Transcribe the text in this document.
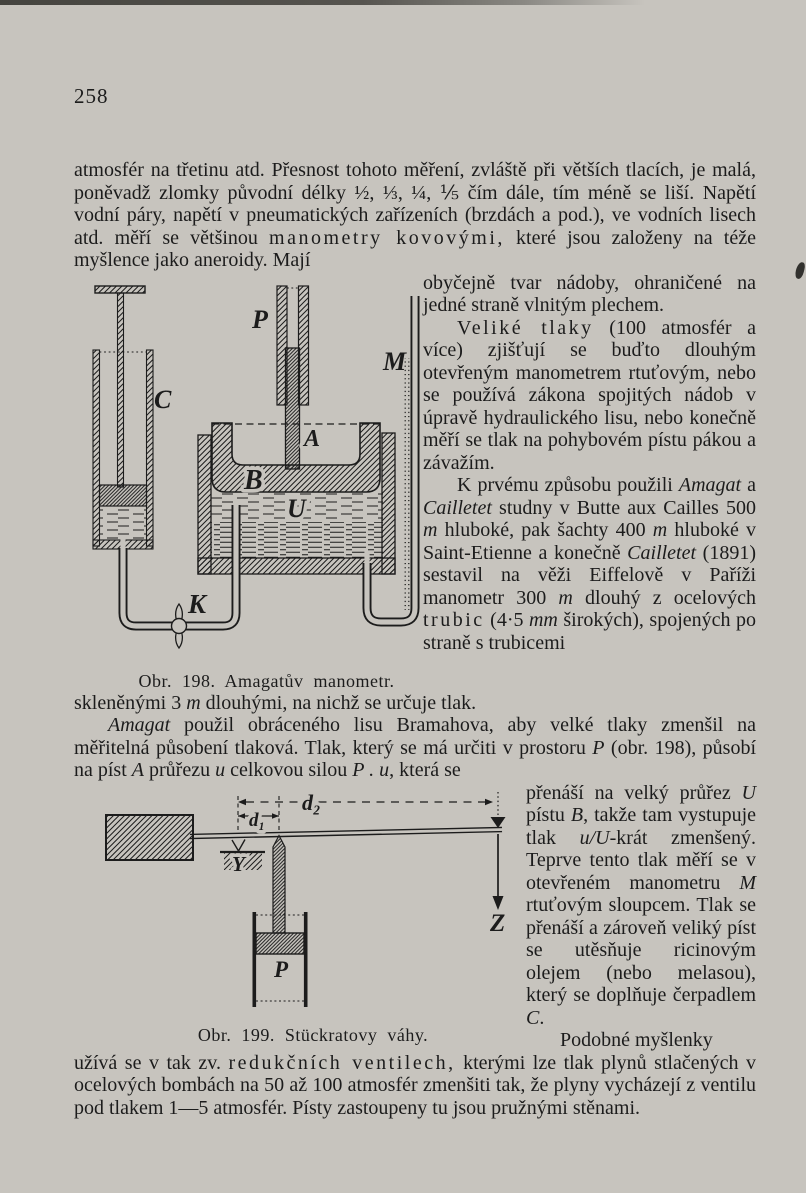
258

atmosfér na třetinu atd. Přesnost tohoto měření, zvláště při větších tlacích, je malá, poněvadž zlomky původní délky ½, ⅓, ¼, ⅕ čím dále, tím méně se liší. Napětí vodní páry, napětí v pneumatických zařízeních (brzdách a pod.), ve vodních lisech atd. měří se většinou manometry kovovými, které jsou založeny na téže myšlence jako aneroidy. Mají

C
P
M
A
B
U
K
Obr. 198. Amagatův manometr.

obyčejně tvar nádoby, ohraničené na jedné straně vlnitým plechem.

Veliké tlaky (100 atmosfér a více) zjišťují se buďto dlouhým otevřeným manometrem rtuťovým, nebo se používá zákona spojitých nádob v úpravě hydraulického lisu, nebo konečně měří se tlak na pohybovém pístu pákou a závažím.

K prvému způsobu použili Amagat a Cailletet studny v Butte aux Cailles 500 m hluboké, pak šachty 400 m hluboké v Saint-Etienne a konečně Cailletet (1891) sestavil na věži Eiffelově v Paříži manometr 300 m dlouhý z ocelových trubic (4·5 mm širokých), spojených po straně s trubicemi

skleněnými 3 m dlouhými, na nichž se určuje tlak.

Amagat použil obráceného lisu Bramahova, aby velké tlaky zmenšil na měřitelná působení tlaková. Tlak, který se má určiti v prostoru P (obr. 198), působí na píst A průřezu u celkovou silou P . u, která se

d₂
d₁
Y
Z
P
Obr. 199. Stückratovy váhy.

přenáší na velký průřez U pístu B, takže tam vystupuje tlak u/U-krát zmenšený. Teprve tento tlak měří se v otevřeném manometru M rtuťovým sloupcem. Tlak se přenáší a zároveň veliký píst se utěsňuje ricinovým olejem (nebo melasou), který se doplňuje čerpadlem C.

Podobné myšlenky

užívá se v tak zv. redukčních ventilech, kterými lze tlak plynů stlačených v ocelových bombách na 50 až 100 atmosfér zmenšiti tak, že plyny vycházejí z ventilu pod tlakem 1—5 atmosfér. Písty zastoupeny tu jsou pružnými stěnami.
